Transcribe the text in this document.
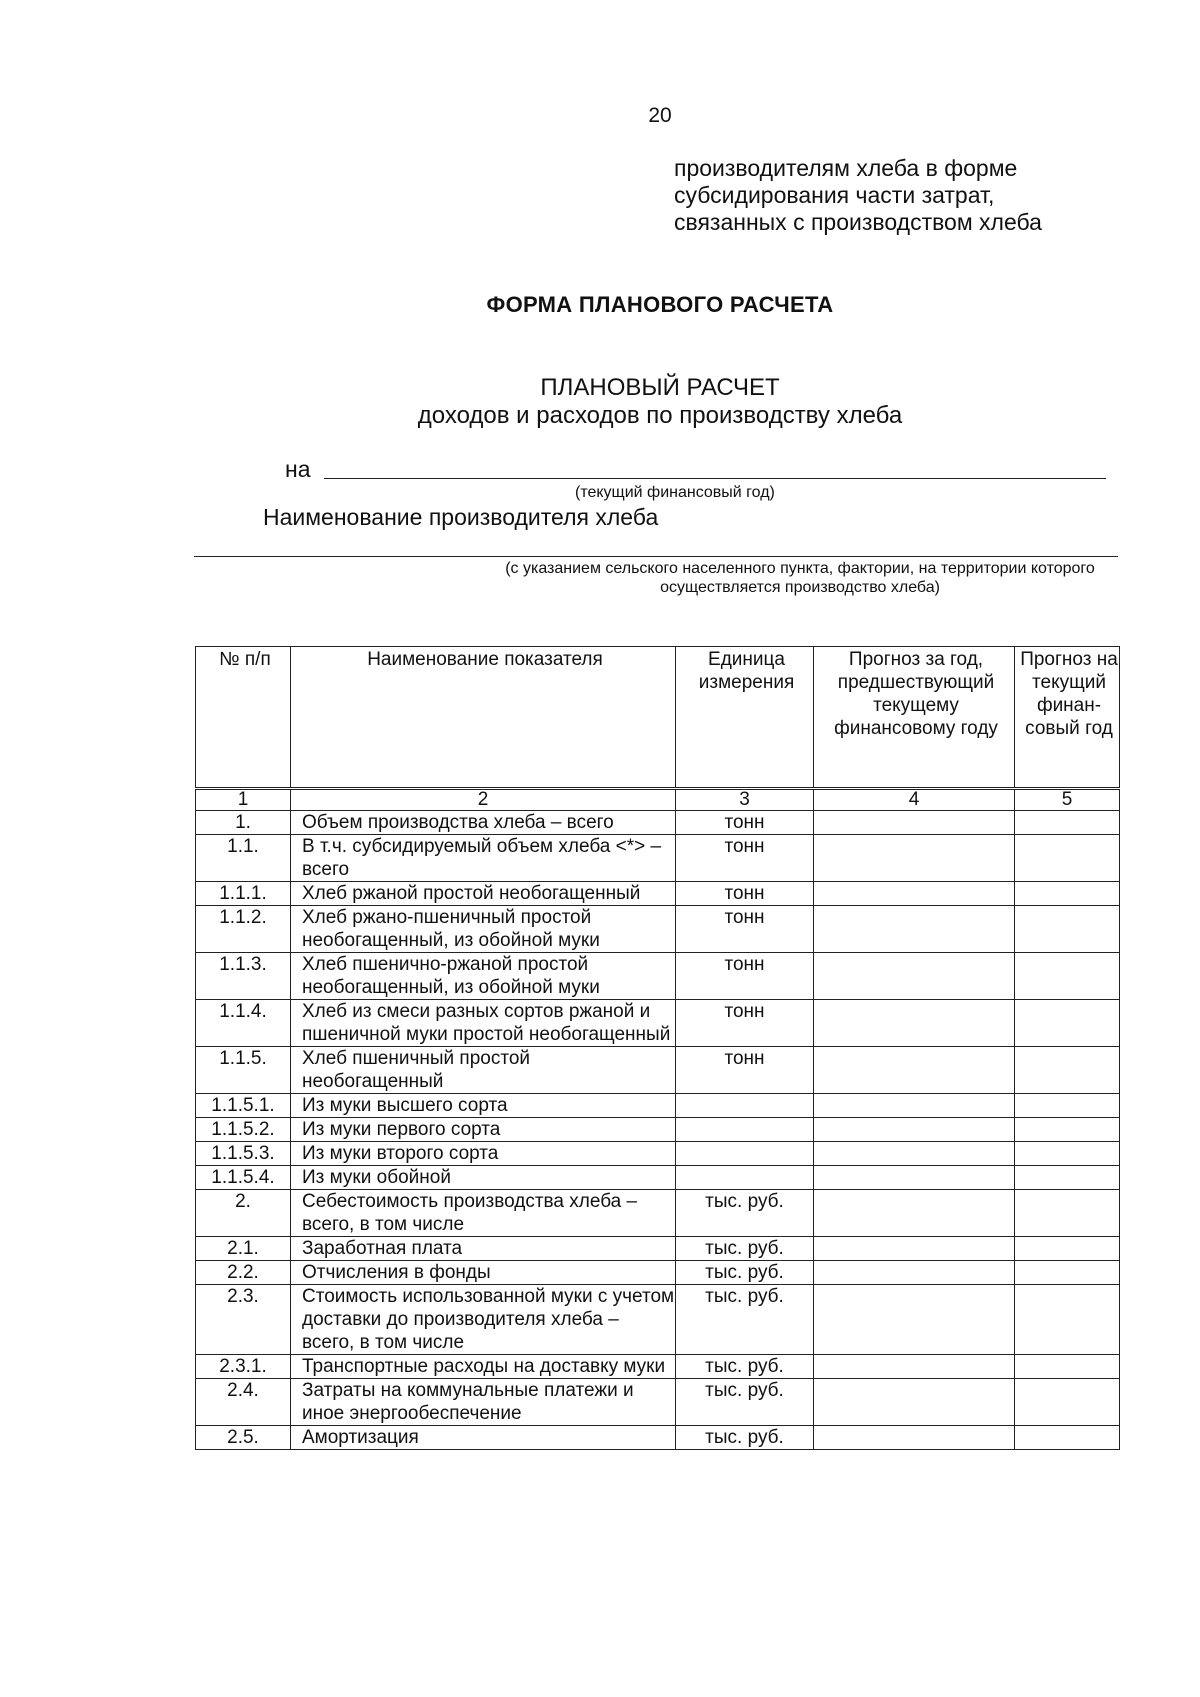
20
производителям хлеба в форме
субсидирования части затрат,
связанных с производством хлеба
ФОРМА ПЛАНОВОГО РАСЧЕТА
ПЛАНОВЫЙ РАСЧЕТ
доходов и расходов по производству хлеба
на
(текущий финансовый год)
Наименование производителя хлеба
(с указанием сельского населенного пункта, фактории, на территории которого
осуществляется производство хлеба)
№ п/п	Наименование показателя	Единица измерения	Прогноз за год, предшествующий текущему финансовому году	Прогноз на текущий финан-совый год
1	2	3	4	5
1.	Объем производства хлеба – всего	тонн		
1.1.	В т.ч. субсидируемый объем хлеба <*> – всего	тонн		
1.1.1.	Хлеб ржаной простой необогащенный	тонн		
1.1.2.	Хлеб ржано-пшеничный простой необогащенный, из обойной муки	тонн		
1.1.3.	Хлеб пшенично-ржаной простой необогащенный, из обойной муки	тонн		
1.1.4.	Хлеб из смеси разных сортов ржаной и пшеничной муки простой необогащенный	тонн		
1.1.5.	Хлеб пшеничный простой необогащенный	тонн		
1.1.5.1.	Из муки высшего сорта			
1.1.5.2.	Из муки первого сорта			
1.1.5.3.	Из муки второго сорта			
1.1.5.4.	Из муки обойной			
2.	Себестоимость производства хлеба – всего, в том числе	тыс. руб.		
2.1.	Заработная плата	тыс. руб.		
2.2.	Отчисления в фонды	тыс. руб.		
2.3.	Стоимость использованной муки с учетом доставки до производителя хлеба – всего, в том числе	тыс. руб.		
2.3.1.	Транспортные расходы на доставку муки	тыс. руб.		
2.4.	Затраты на коммунальные платежи и иное энергообеспечение	тыс. руб.		
2.5.	Амортизация	тыс. руб.		
